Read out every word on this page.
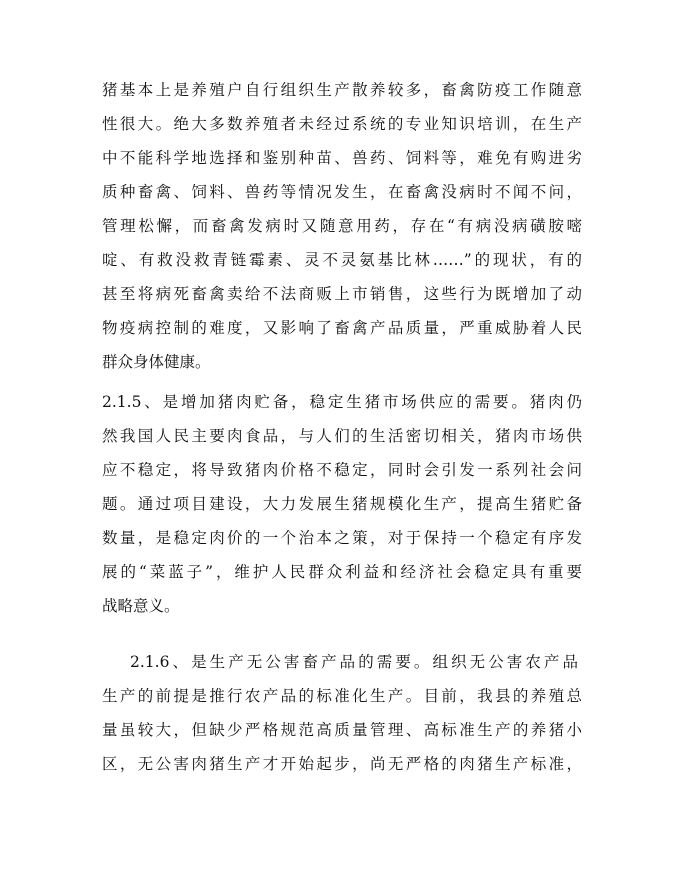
猪基本上是养殖户自行组织生产散养较多，畜禽防疫工作随意
性很大。绝大多数养殖者未经过系统的专业知识培训，在生产
中不能科学地选择和鉴别种苗、兽药、饲料等，难免有购进劣
质种畜禽、饲料、兽药等情况发生，在畜禽没病时不闻不问，
管理松懈，而畜禽发病时又随意用药，存在“有病没病磺胺嘧
啶、有救没救青链霉素、灵不灵氨基比林……”的现状，有的
甚至将病死畜禽卖给不法商贩上市销售，这些行为既增加了动
物疫病控制的难度，又影响了畜禽产品质量，严重威胁着人民
群众身体健康。
2.1.5、是增加猪肉贮备，稳定生猪市场供应的需要。猪肉仍
然我国人民主要肉食品，与人们的生活密切相关，猪肉市场供
应不稳定，将导致猪肉价格不稳定，同时会引发一系列社会问
题。通过项目建设，大力发展生猪规模化生产，提高生猪贮备
数量，是稳定肉价的一个治本之策，对于保持一个稳定有序发
展的“菜蓝子”，维护人民群众利益和经济社会稳定具有重要
战略意义。
2.1.6、是生产无公害畜产品的需要。组织无公害农产品
生产的前提是推行农产品的标准化生产。目前，我县的养殖总
量虽较大，但缺少严格规范高质量管理、高标准生产的养猪小
区，无公害肉猪生产才开始起步，尚无严格的肉猪生产标准，
